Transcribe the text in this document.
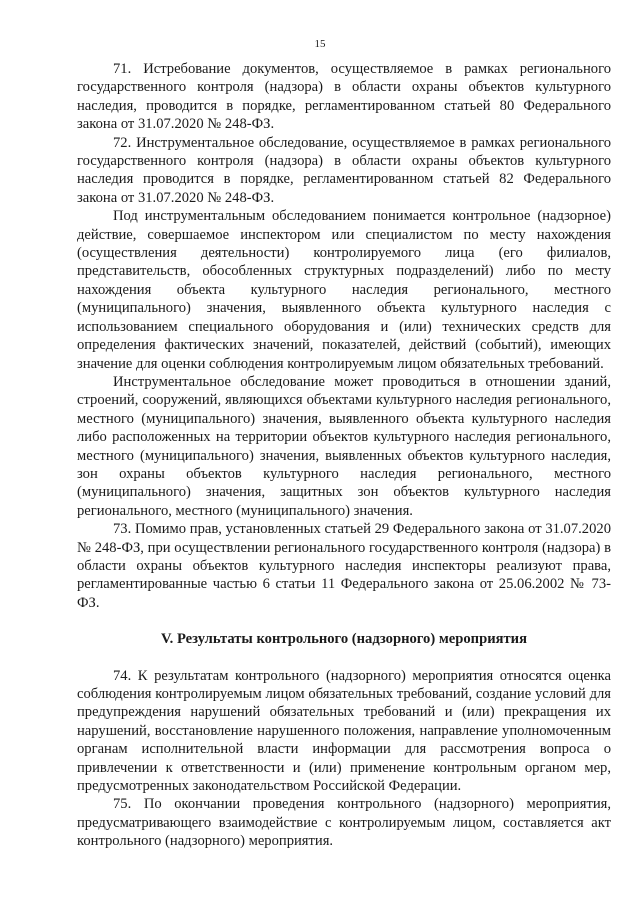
15

71. Истребование документов, осуществляемое в рамках регионального государственного контроля (надзора) в области охраны объектов культурного наследия, проводится в порядке, регламентированном статьей 80 Федерального закона от 31.07.2020 № 248-ФЗ.

72. Инструментальное обследование, осуществляемое в рамках регионального государственного контроля (надзора) в области охраны объектов культурного наследия проводится в порядке, регламентированном статьей 82 Федерального закона от 31.07.2020 № 248-ФЗ.

Под инструментальным обследованием понимается контрольное (надзорное) действие, совершаемое инспектором или специалистом по месту нахождения (осуществления деятельности) контролируемого лица (его филиалов, представительств, обособленных структурных подразделений) либо по месту нахождения объекта культурного наследия регионального, местного (муниципального) значения, выявленного объекта культурного наследия с использованием специального оборудования и (или) технических средств для определения фактических значений, показателей, действий (событий), имеющих значение для оценки соблюдения контролируемым лицом обязательных требований.

Инструментальное обследование может проводиться в отношении зданий, строений, сооружений, являющихся объектами культурного наследия регионального, местного (муниципального) значения, выявленного объекта культурного наследия либо расположенных на территории объектов культурного наследия регионального, местного (муниципального) значения, выявленных объектов культурного наследия, зон охраны объектов культурного наследия регионального, местного (муниципального) значения, защитных зон объектов культурного наследия регионального, местного (муниципального) значения.

73. Помимо прав, установленных статьей 29 Федерального закона от 31.07.2020 № 248-ФЗ, при осуществлении регионального государственного контроля (надзора) в области охраны объектов культурного наследия инспекторы реализуют права, регламентированные частью 6 статьи 11 Федерального закона от 25.06.2002 № 73-ФЗ.

V. Результаты контрольного (надзорного) мероприятия

74. К результатам контрольного (надзорного) мероприятия относятся оценка соблюдения контролируемым лицом обязательных требований, создание условий для предупреждения нарушений обязательных требований и (или) прекращения их нарушений, восстановление нарушенного положения, направление уполномоченным органам исполнительной власти информации для рассмотрения вопроса о привлечении к ответственности и (или) применение контрольным органом мер, предусмотренных законодательством Российской Федерации.

75. По окончании проведения контрольного (надзорного) мероприятия, предусматривающего взаимодействие с контролируемым лицом, составляется акт контрольного (надзорного) мероприятия.
